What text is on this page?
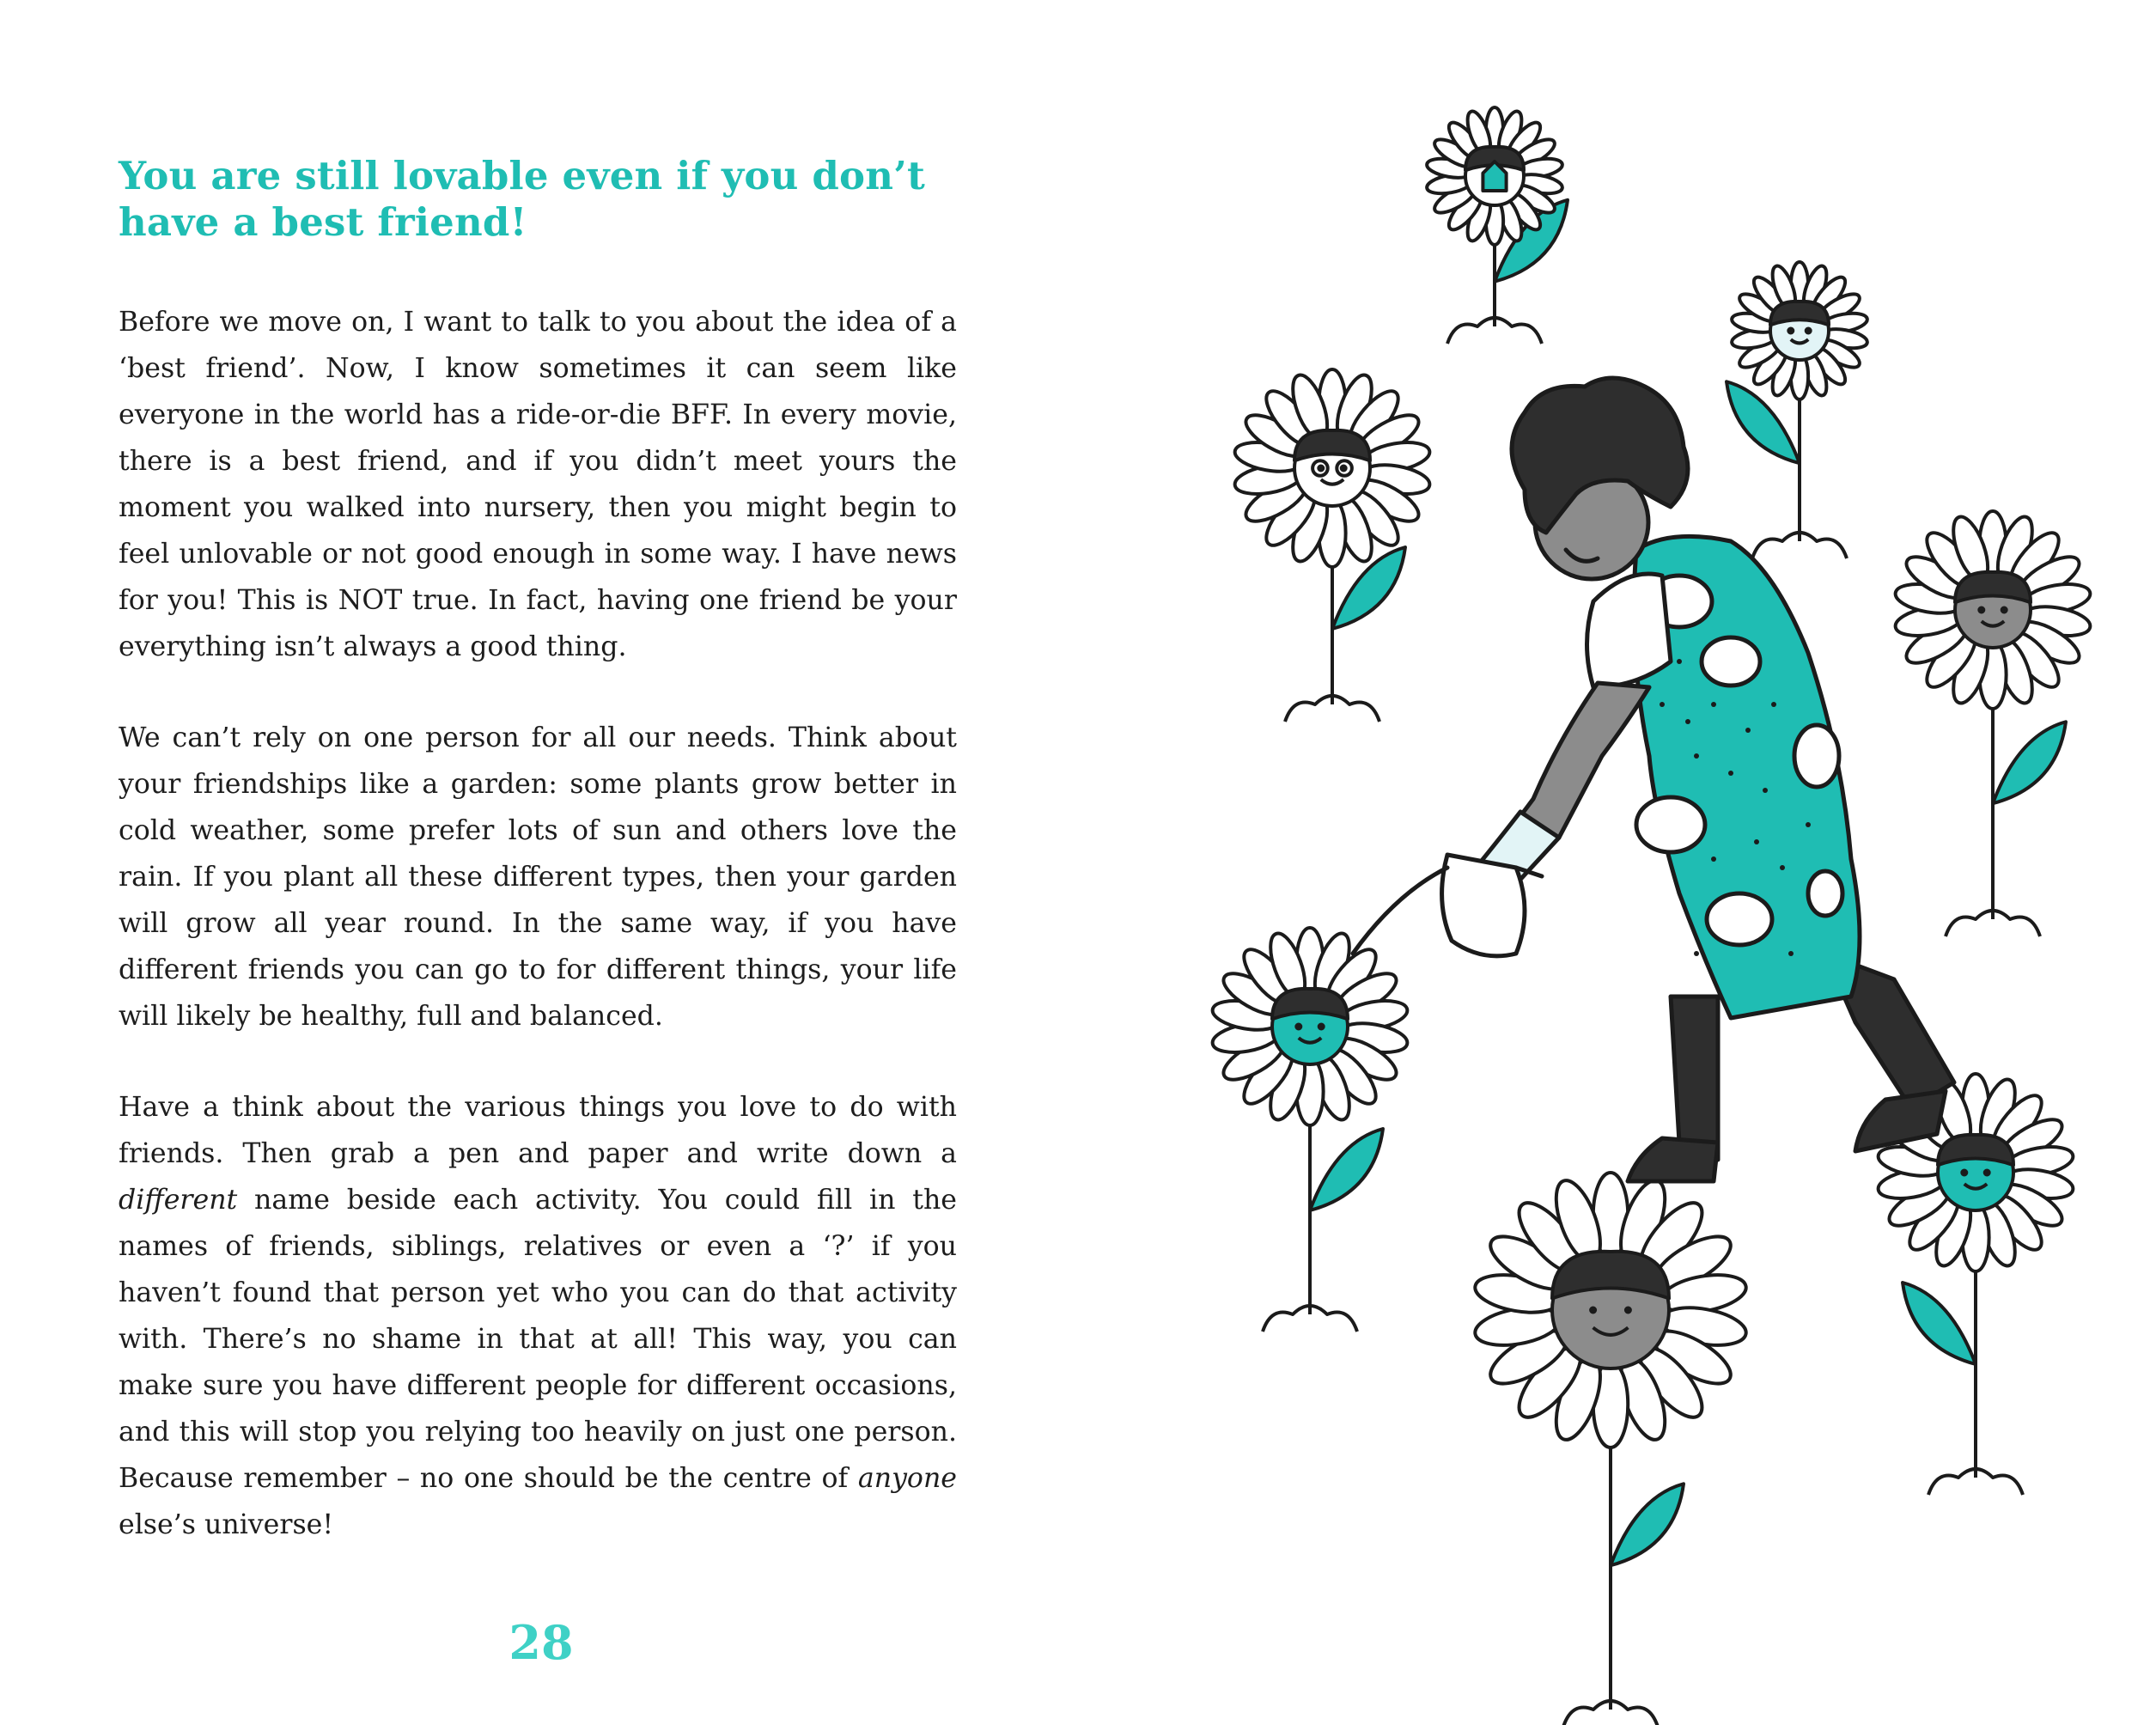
You are still lovable even if you don’t have a best friend!

Before we move on, I want to talk to you about the idea of a ‘best friend’. Now, I know sometimes it can seem like everyone in the world has a ride-or-die BFF. In every movie, there is a best friend, and if you didn’t meet yours the moment you walked into nursery, then you might begin to feel unlovable or not good enough in some way. I have news for you! This is NOT true. In fact, having one friend be your everything isn’t always a good thing.

We can’t rely on one person for all our needs. Think about your friendships like a garden: some plants grow better in cold weather, some prefer lots of sun and others love the rain. If you plant all these different types, then your garden will grow all year round. In the same way, if you have different friends you can go to for different things, your life will likely be healthy, full and balanced.

Have a think about the various things you love to do with friends. Then grab a pen and paper and write down a different name beside each activity. You could fill in the names of friends, siblings, relatives or even a ‘?’ if you haven’t found that person yet who you can do that activity with. There’s no shame in that at all! This way, you can make sure you have different people for different occasions, and this will stop you relying too heavily on just one person. Because remember – no one should be the centre of anyone else’s universe!

28
